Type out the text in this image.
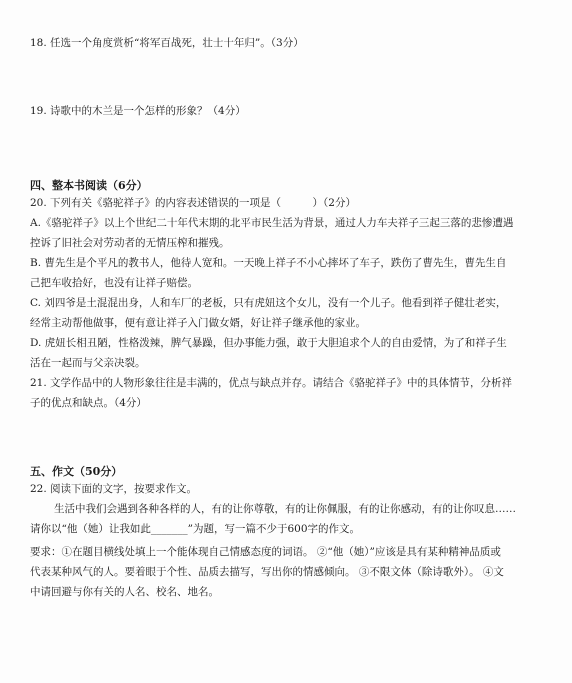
18. 任选一个角度赏析“将军百战死，壮士十年归”。（3分）
19. 诗歌中的木兰是一个怎样的形象？（4分）
四、整本书阅读（6分）
20. 下列有关《骆驼祥子》的内容表述错误的一项是（　　　）（2分）
A.《骆驼祥子》以上个世纪二十年代末期的北平市民生活为背景，通过人力车夫祥子三起三落的悲惨遭遇
控诉了旧社会对劳动者的无情压榨和摧残。
B. 曹先生是个平凡的教书人，他待人宽和。一天晚上祥子不小心摔坏了车子，跌伤了曹先生，曹先生自
己把车收拾好，也没有让祥子赔偿。
C. 刘四爷是土混混出身，人和车厂的老板，只有虎妞这个女儿，没有一个儿子。他看到祥子健壮老实，
经常主动帮他做事，便有意让祥子入门做女婿，好让祥子继承他的家业。
D. 虎妞长相丑陋，性格泼辣，脾气暴躁，但办事能力强，敢于大胆追求个人的自由爱情，为了和祥子生
活在一起而与父亲决裂。
21. 文学作品中的人物形象往往是丰满的，优点与缺点并存。请结合《骆驼祥子》中的具体情节，分析祥
子的优点和缺点。（4分）
五、作文（50分）
22. 阅读下面的文字，按要求作文。
生活中我们会遇到各种各样的人，有的让你尊敬，有的让你佩服，有的让你感动，有的让你叹息……
请你以“他（她）让我如此_______”为题，写一篇不少于600字的作文。
要求：①在题目横线处填上一个能体现自己情感态度的词语。 ②“他（她）”应该是具有某种精神品质或
代表某种风气的人。要着眼于个性、品质去描写，写出你的情感倾向。 ③不限文体（除诗歌外）。 ④文
中请回避与你有关的人名、校名、地名。
